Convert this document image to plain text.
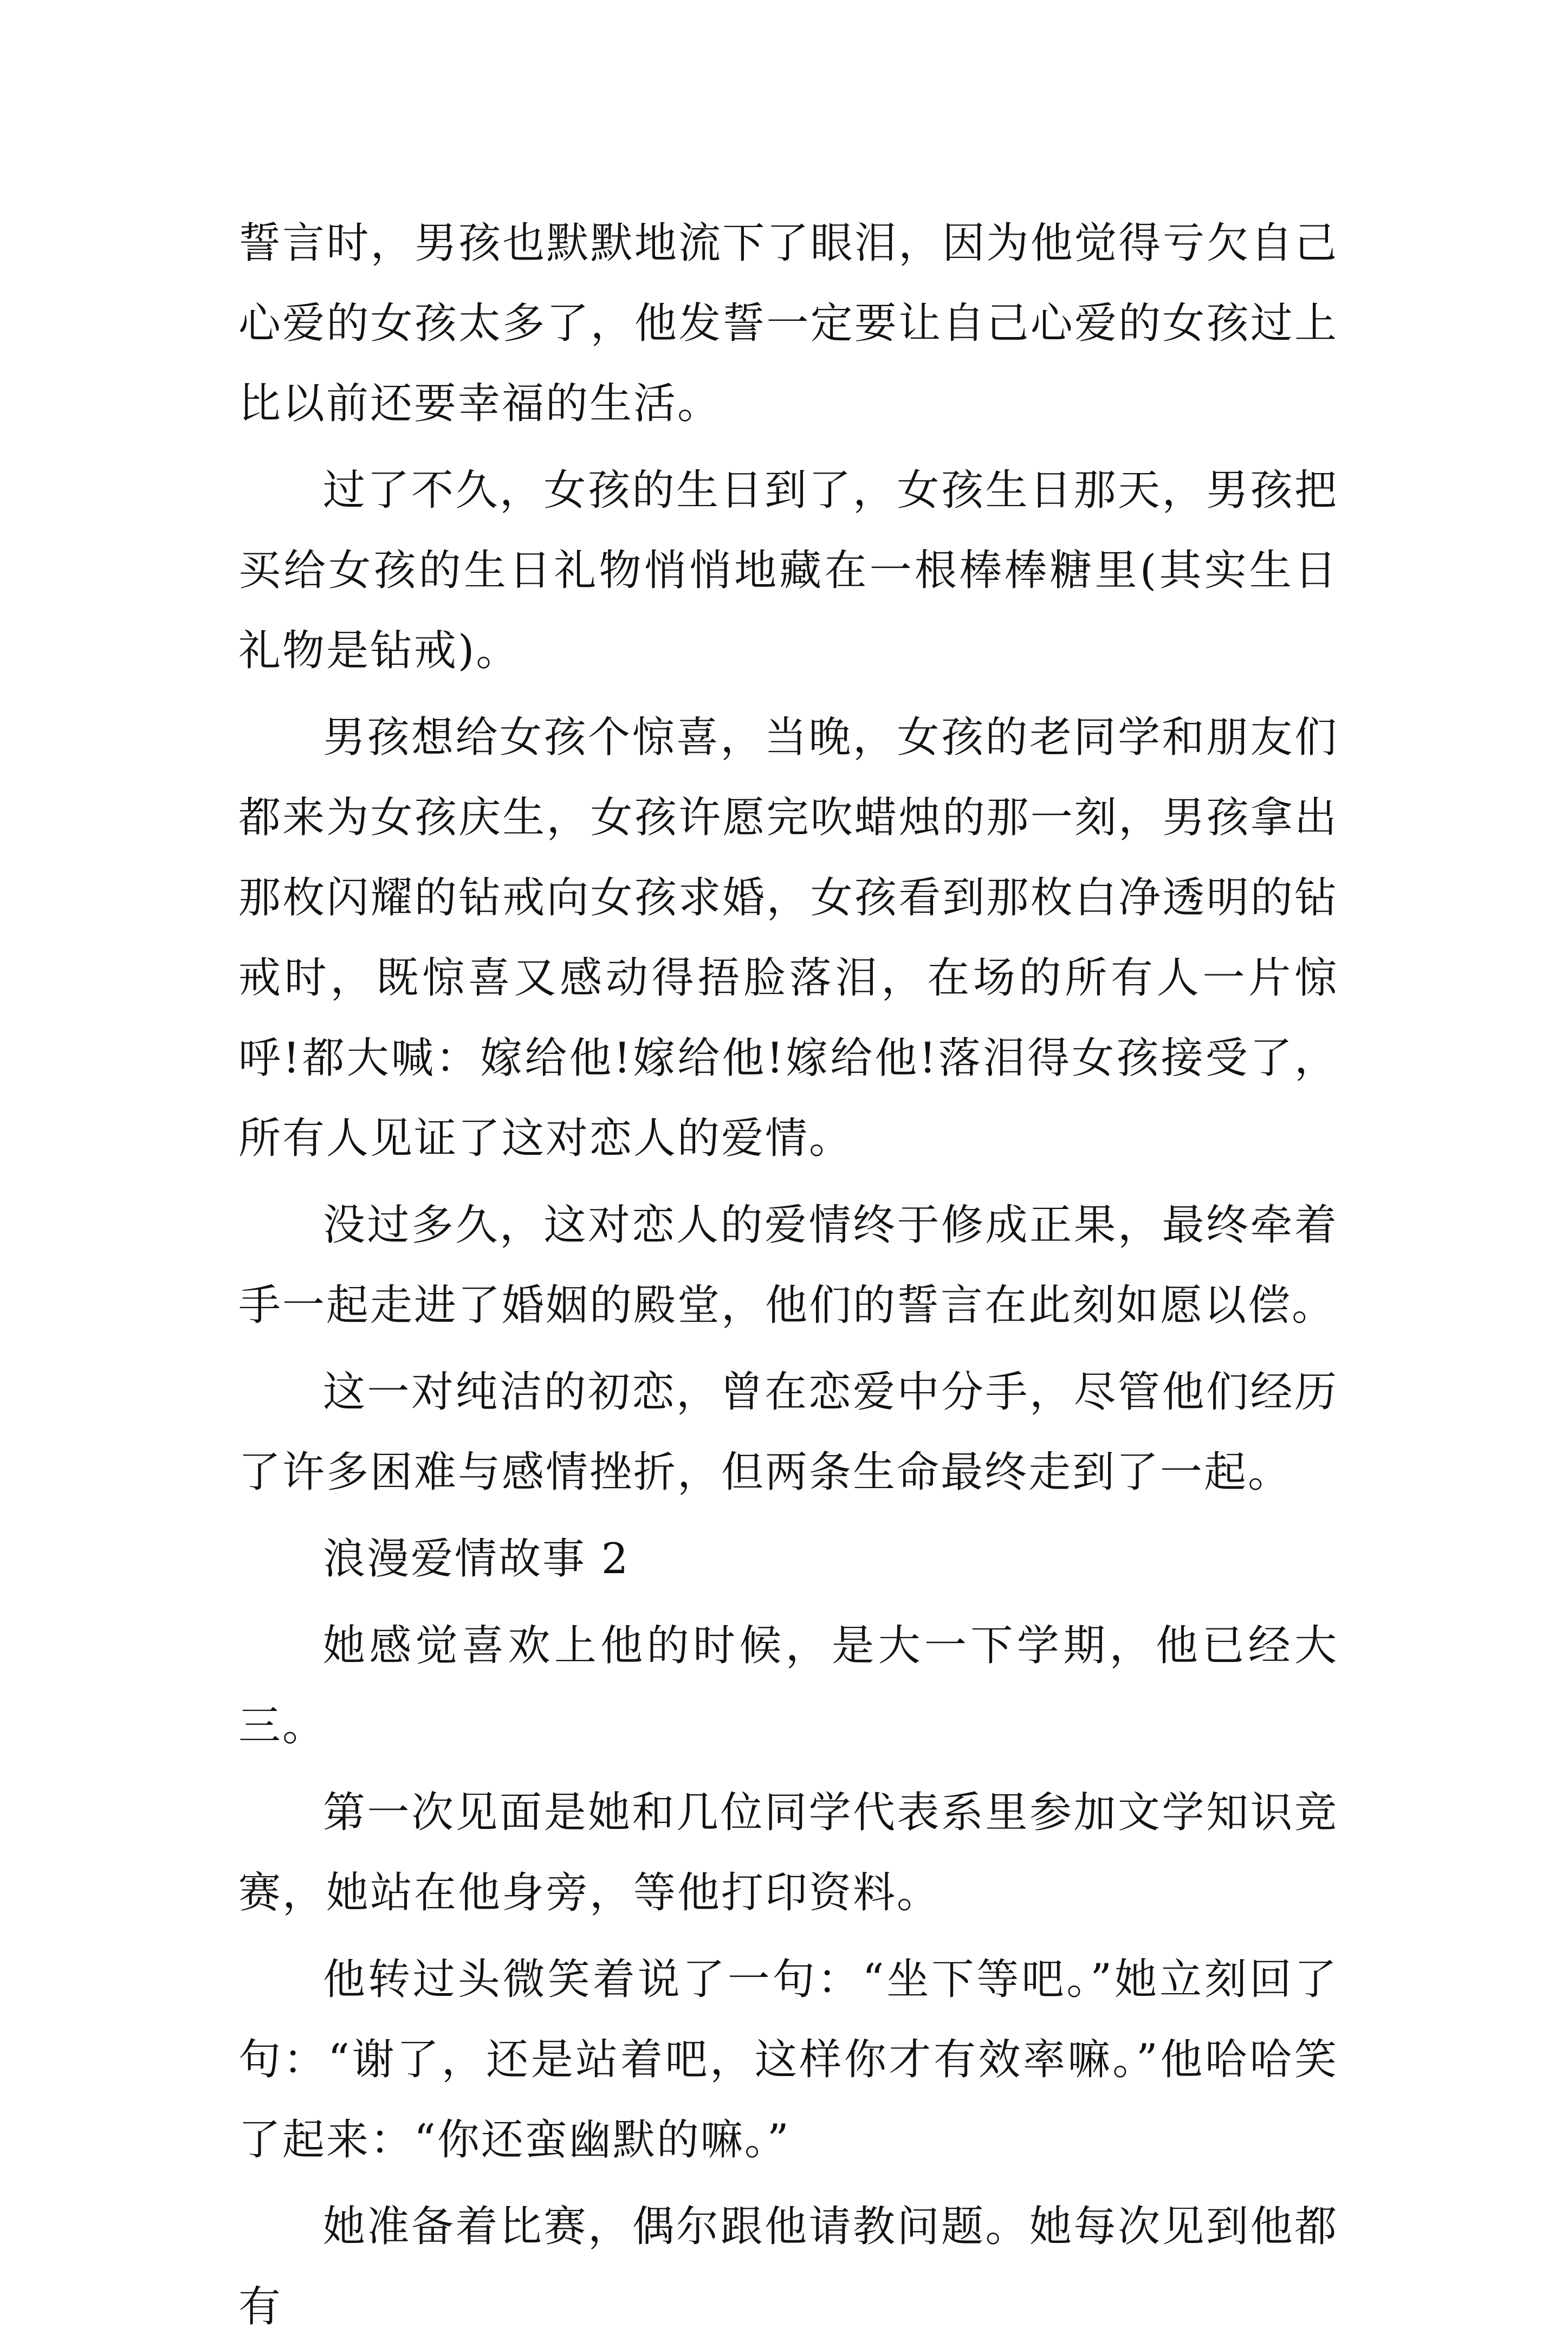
誓言时，男孩也默默地流下了眼泪，因为他觉得亏欠自己心爱的女孩太多了，他发誓一定要让自己心爱的女孩过上比以前还要幸福的生活。

过了不久，女孩的生日到了，女孩生日那天，男孩把买给女孩的生日礼物悄悄地藏在一根棒棒糖里(其实生日礼物是钻戒)。

男孩想给女孩个惊喜，当晚，女孩的老同学和朋友们都来为女孩庆生，女孩许愿完吹蜡烛的那一刻，男孩拿出那枚闪耀的钻戒向女孩求婚，女孩看到那枚白净透明的钻戒时，既惊喜又感动得捂脸落泪，在场的所有人一片惊呼!都大喊：嫁给他!嫁给他!嫁给他!落泪得女孩接受了，所有人见证了这对恋人的爱情。

没过多久，这对恋人的爱情终于修成正果，最终牵着手一起走进了婚姻的殿堂，他们的誓言在此刻如愿以偿。

这一对纯洁的初恋，曾在恋爱中分手，尽管他们经历了许多困难与感情挫折，但两条生命最终走到了一起。

浪漫爱情故事 2

她感觉喜欢上他的时候，是大一下学期，他已经大三。

第一次见面是她和几位同学代表系里参加文学知识竞赛，她站在他身旁，等他打印资料。

他转过头微笑着说了一句：“坐下等吧。”她立刻回了句：“谢了，还是站着吧，这样你才有效率嘛。”他哈哈笑了起来：“你还蛮幽默的嘛。”

她准备着比赛，偶尔跟他请教问题。她每次见到他都有
